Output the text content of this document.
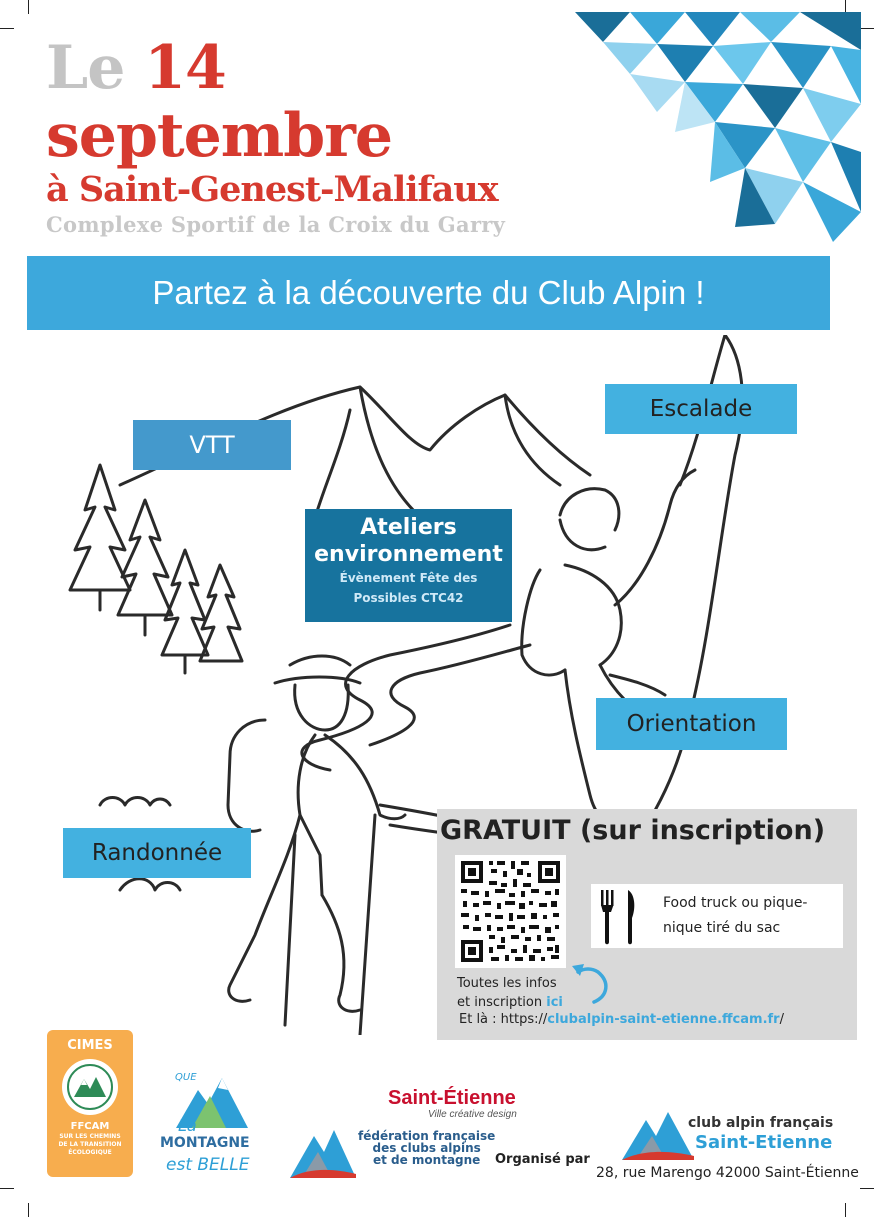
Le 14
septembre
à Saint-Genest-Malifaux
Complexe Sportif de la Croix du Garry
Partez à la découverte du Club Alpin !
VTT
Escalade
Orientation
Randonnée
Ateliers
environnement
Évènement Fête des
Possibles CTC42
GRATUIT (sur inscription)
Food truck ou pique-
nique tiré du sac
Toutes les infos
et inscription ici
Et là : https://clubalpin-saint-etienne.ffcam.fr/
CIMES
FFCAM
SUR LES CHEMINS
DE LA TRANSITION
ÉCOLOGIQUE
QUE
La
MONTAGNE
est BELLE
Saint-Étienne
Ville créative design
fédération française
des clubs alpins
et de montagne	Organisé par
club alpin français
Saint-Etienne
28, rue Marengo 42000 Saint-Étienne
